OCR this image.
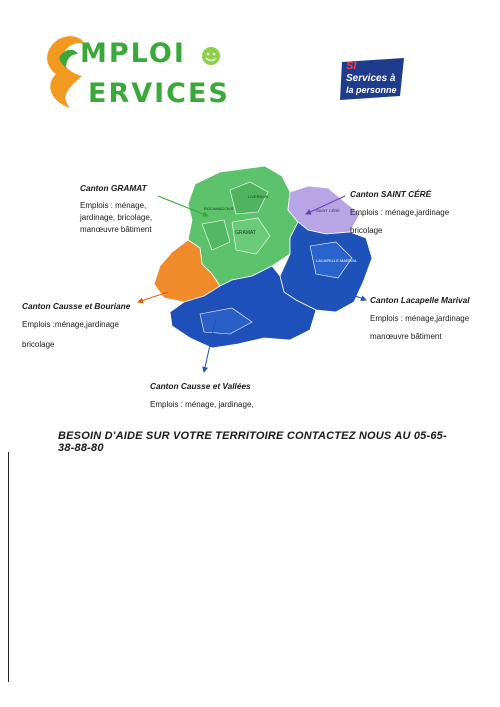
MPLOI
ERVICES
SI
Services à
la personne
GRAMAT
LACAPELLE MARIVAL
SAINT CÉRÉ
LIVERNON
ROCAMADOUR
Canton GRAMAT
Emplois : ménage,
jardinage, bricolage,
manœuvre bâtiment
Canton SAINT CÉRÉ
Emplois : ménage,jardinage
bricolage
Canton Causse et Bouriane
Emplois :ménage,jardinage
bricolage
Canton Lacapelle Marival
Emplois : ménage,jardinage
manœuvre bâtiment
Canton Causse et Vallées
Emplois : ménage, jardinage,
BESOIN D'AIDE SUR VOTRE TERRITOIRE CONTACTEZ NOUS AU 05-65-38-88-80
